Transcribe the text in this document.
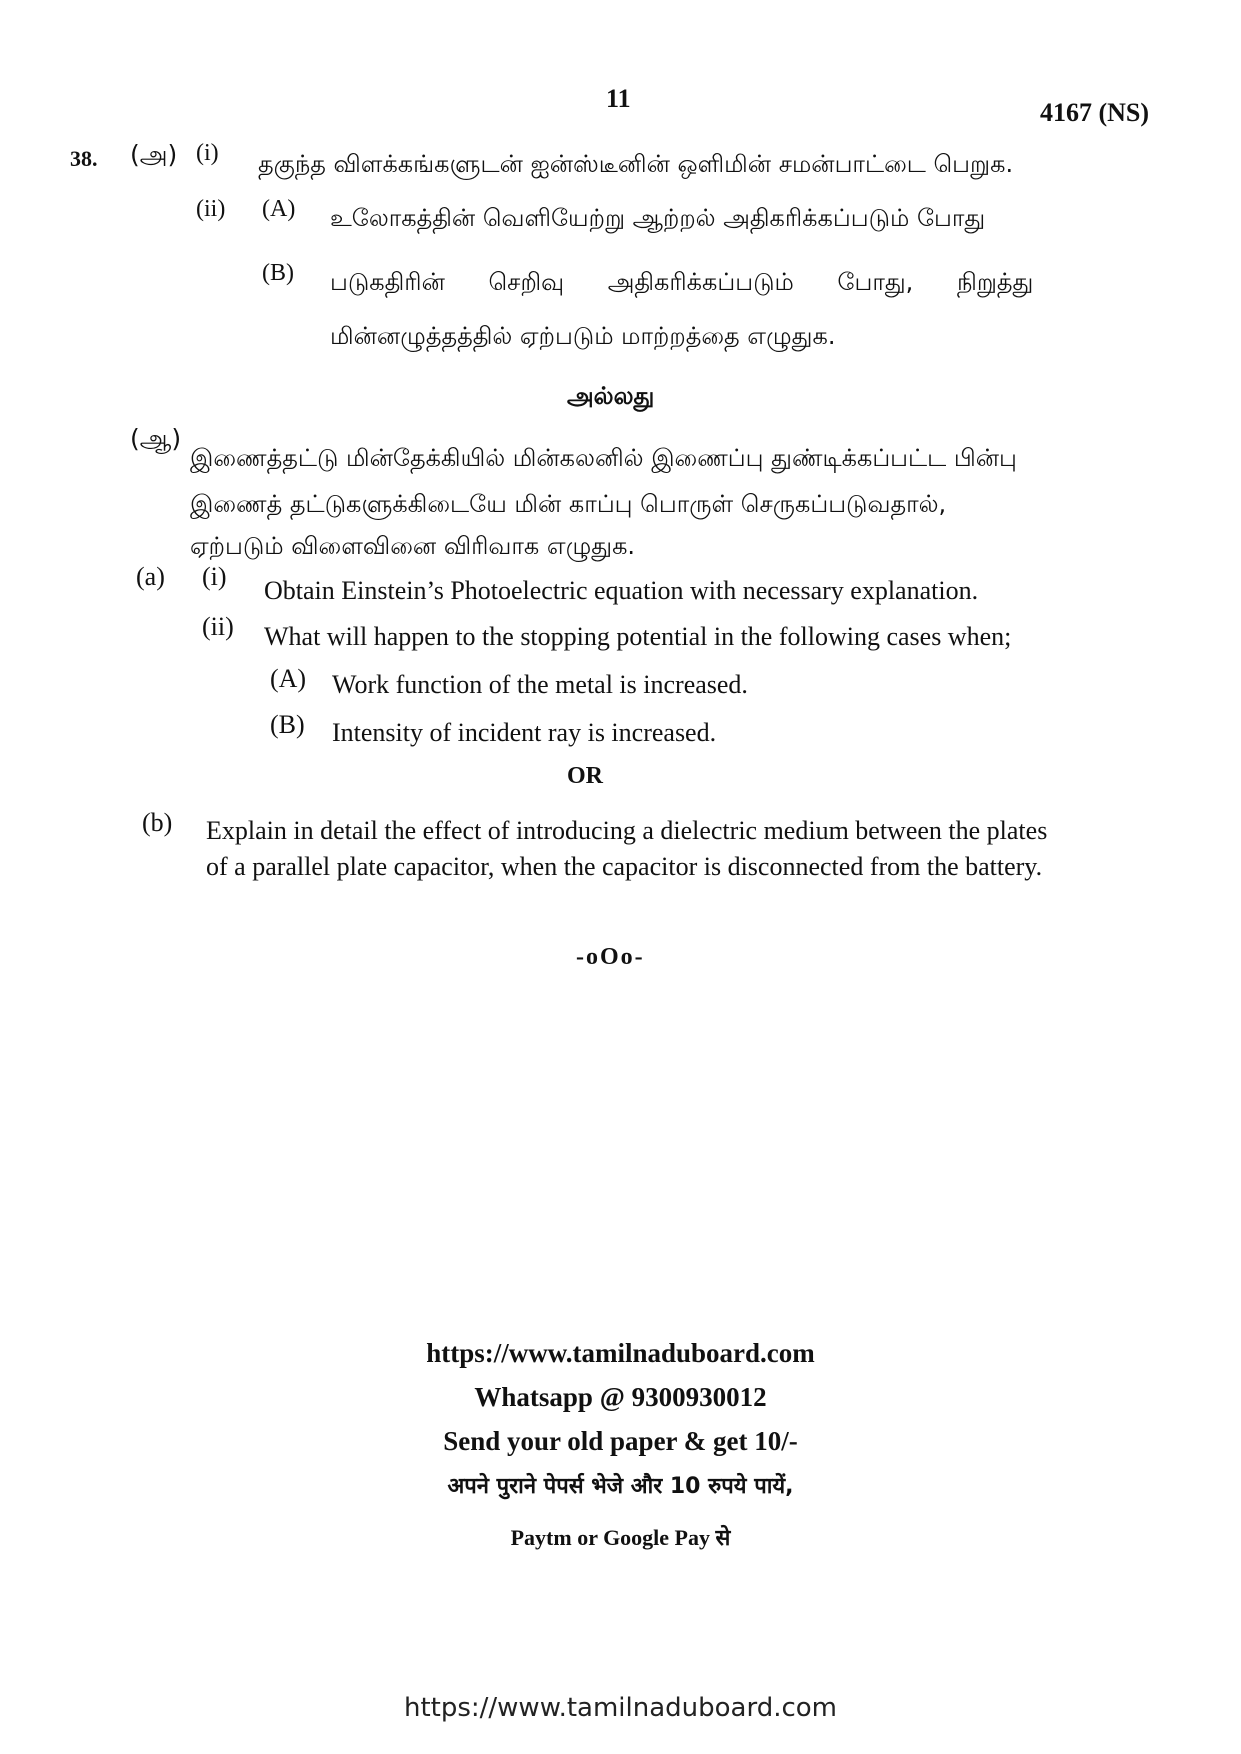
11	4167 (NS)
38. (அ) (i) தகுந்த விளக்கங்களுடன் ஐன்ஸ்டீனின் ஒளிமின் சமன்பாட்டை பெறுக.
(ii) (A) உலோகத்தின் வெளியேற்று ஆற்றல் அதிகரிக்கப்படும் போது
(B) படுகதிரின் செறிவு அதிகரிக்கப்படும் போது, நிறுத்து
மின்னழுத்தத்தில் ஏற்படும் மாற்றத்தை எழுதுக.
அல்லது
(ஆ)
இணைத்தட்டு மின்தேக்கியில் மின்கலனில் இணைப்பு துண்டிக்கப்பட்ட பின்பு
இணைத் தட்டுகளுக்கிடையே மின் காப்பு பொருள் செருகப்படுவதால்,
ஏற்படும் விளைவினை விரிவாக எழுதுக.
(a) (i) Obtain Einstein’s Photoelectric equation with necessary explanation.
(ii) What will happen to the stopping potential in the following cases when;
(A) Work function of the metal is increased.
(B) Intensity of incident ray is increased.
OR
(b) Explain in detail the effect of introducing a dielectric medium between the plates
of a parallel plate capacitor, when the capacitor is disconnected from the battery.
-oOo-
https://www.tamilnaduboard.com
Whatsapp @ 9300930012
Send your old paper & get 10/-
अपने पुराने पेपर्स भेजे और 10 रुपये पायें,
Paytm or Google Pay से
https://www.tamilnaduboard.com
